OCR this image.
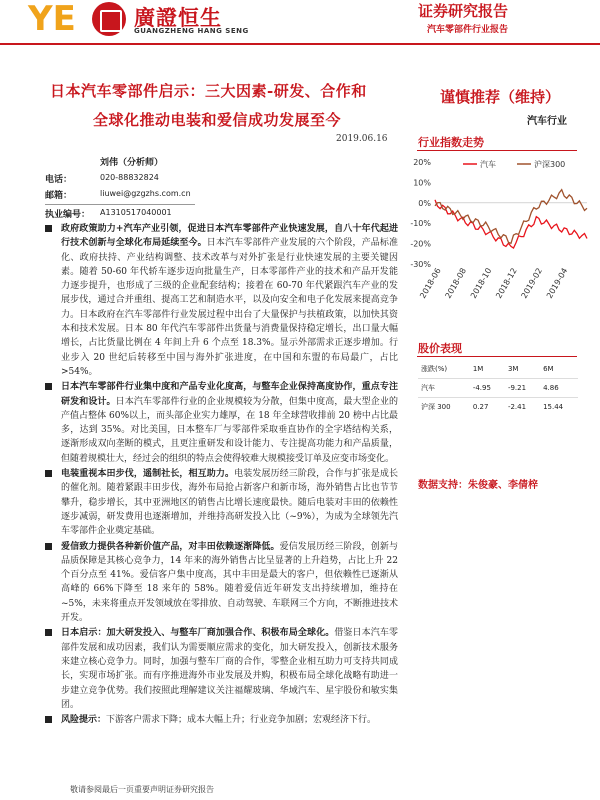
YE	廣證恒生
GUANGZHENG HANG SENG
证券研究报告
汽车零部件行业报告
日本汽车零部件启示：三大因素-研发、合作和
全球化推动电装和爱信成功发展至今
谨慎推荐（维持）
汽车行业
2019.06.16
刘伟（分析师）
电话：	020-88832824
邮箱：	liuwei@gzgzhs.com.cn
执业编号： A1310517040001
政府政策助力+汽车产业引领，促进日本汽车零部件产业快速发展，自八十年代起进行技术创新与全球化布局延续至今。日本汽车零部件产业发展的六个阶段，产品标准化、政府扶持、产业结构调整、技术改革与对外扩张是行业快速发展的主要关键因素。随着 50-60 年代轿车逐步迈向批量生产，日本零部件产业的技术和产品开发能力逐步提升，也形成了三级的企业配套结构；接着在 60-70 年代紧跟汽车产业的发展步伐，通过合并重组、提高工艺和制造水平，以及向安全和电子化发展来提高竞争力。日本政府在汽车零部件行业发展过程中出台了大量保护与扶植政策，以加快其资本和技术发展。日本 80 年代汽车零部件出货量与消费量保持稳定增长，出口量大幅增长，占比货量比例在 4 年间上升 6 个点至 18.3%。显示外部需求正逐步增加。行业步入 20 世纪后转移至中国与海外扩张进度，在中国和东盟的布局最广，占比>54%。
日本汽车零部件行业集中度和产品专业化度高，与整车企业保持高度协作，重点专注研发和设计。日本汽车零部件行业的企业规模较为分散，但集中度高，最大型企业的产值占整体 60%以上，而头部企业实力雄厚，在 18 年全球营收排前 20 榜中占比最多，达到 35%。对比美国，日本整车厂与零部件采取垂直协作的全字塔结构关系，逐渐形成双向垄断的模式，且更注重研发和设计能力、专注提高功能力和产品质量，但随着规模壮大，经过会的组织的特点会使得较难大规模接受订单及应变市场变化。
电装重视本田步伐，遥制社长，相互助力。电装发展历经三阶段，合作与扩张是成长的催化剂。随着紧跟丰田步伐，海外布局抢占新客户和新市场，海外销售占比也节节攀升，稳步增长，其中亚洲地区的销售占比增长速度最快。随后电装对丰田的依赖性逐步减弱，研发费用也逐渐增加，并维持高研发投入比（~9%），为成为全球领先汽车零部件企业奠定基础。
爱信致力提供各种新价值产品，对丰田依赖逐渐降低。爱信发展历经三阶段，创新与品质保障是其核心竞争力，14 年来的海外销售占比呈显著的上升趋势，占比上升 22 个百分点至 41%。爱信客户集中度高，其中丰田是最大的客户，但依赖性已逐渐从高峰的 66%下降至 18 来年的 58%。随着爱信近年研发支出持续增加，维持在~5%，未来将重点开发领域放在零排放、自动驾驶、车联网三个方向，不断推进技术开发。
日本启示：加大研发投入、与整车厂商加强合作、积极布局全球化。借鉴日本汽车零部件发展和成功因素，我们认为需要顺应需求的变化，加大研发投入，创新技术服务来建立核心竞争力。同时，加强与整车厂商的合作，零整企业相互助力可支持共同成长，实现市场扩张。而有序推进海外市业发展及并购，积极布局全球化战略有助进一步建立竞争优势。我们按照此理解建议关注福耀玻璃、华域汽车、星宇股份和敏实集团。
风险提示：下游客户需求下降；成本大幅上升；行业竞争加剧；宏观经济下行。
行业指数走势
20%
10%
0%
-10%
-20%
-30%
2018-06 2018-08 2018-10 2018-12 2019-02 2019-04
汽车	沪深300
股价表现
涨跌(%)	1M	3M	6M
汽车	-4.95	-9.21	4.86
沪深 300	0.27	-2.41	15.44
数据支持：朱俊豪、李倩梓
敬请参阅最后一页重要声明证券研究报告
